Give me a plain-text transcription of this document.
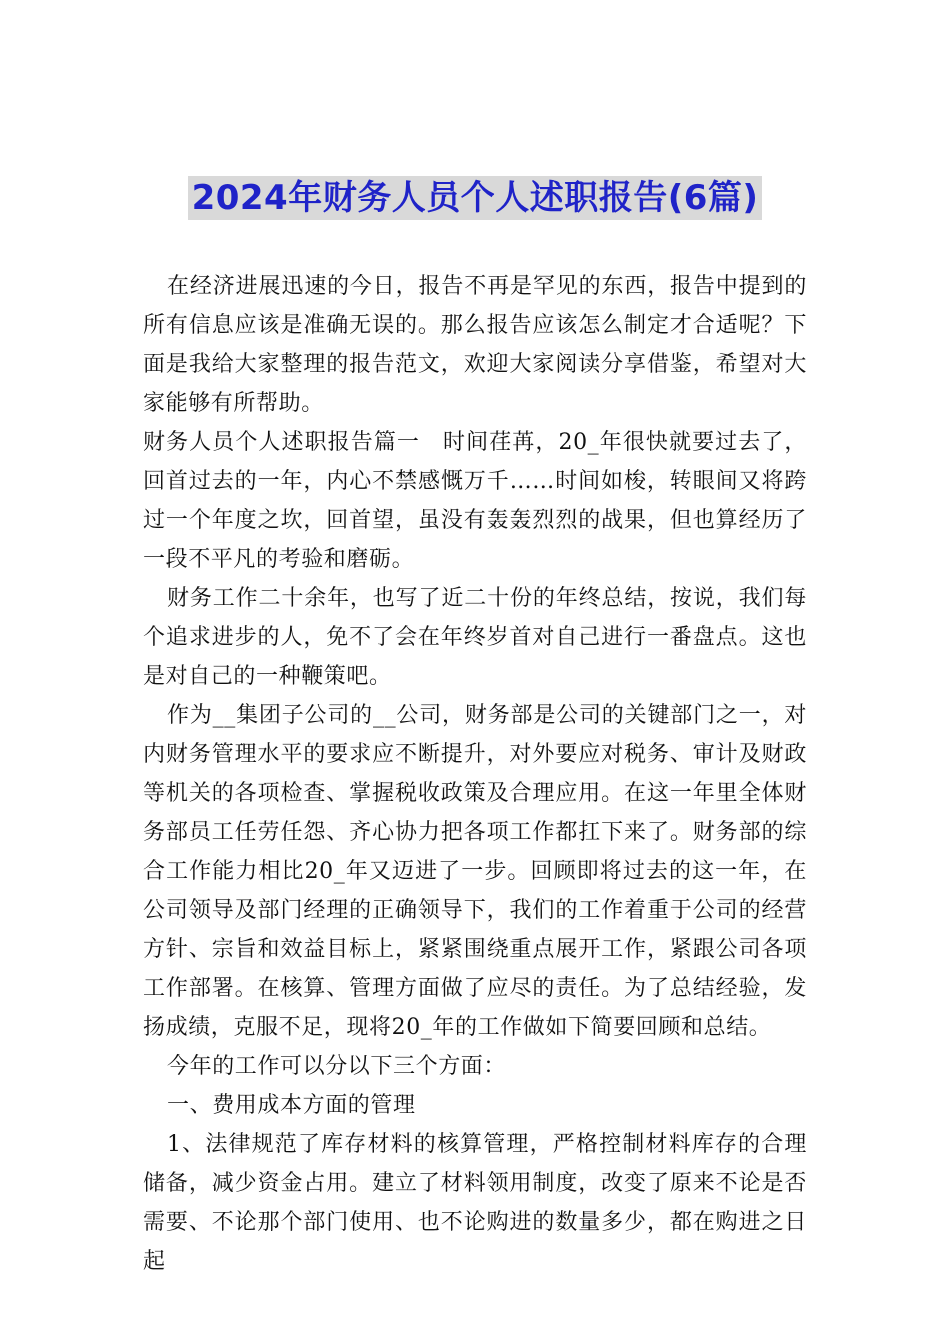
2024年财务人员个人述职报告(6篇)

在经济进展迅速的今日，报告不再是罕见的东西，报告中提到的所有信息应该是准确无误的。那么报告应该怎么制定才合适呢？下面是我给大家整理的报告范文，欢迎大家阅读分享借鉴，希望对大家能够有所帮助。

财务人员个人述职报告篇一　时间荏苒，20_年很快就要过去了，回首过去的一年，内心不禁感慨万千……时间如梭，转眼间又将跨过一个年度之坎，回首望，虽没有轰轰烈烈的战果，但也算经历了一段不平凡的考验和磨砺。

财务工作二十余年，也写了近二十份的年终总结，按说，我们每个追求进步的人，免不了会在年终岁首对自己进行一番盘点。这也是对自己的一种鞭策吧。

作为__集团子公司的__公司，财务部是公司的关键部门之一，对内财务管理水平的要求应不断提升，对外要应对税务、审计及财政等机关的各项检查、掌握税收政策及合理应用。在这一年里全体财务部员工任劳任怨、齐心协力把各项工作都扛下来了。财务部的综合工作能力相比20_年又迈进了一步。回顾即将过去的这一年，在公司领导及部门经理的正确领导下，我们的工作着重于公司的经营方针、宗旨和效益目标上，紧紧围绕重点展开工作，紧跟公司各项工作部署。在核算、管理方面做了应尽的责任。为了总结经验，发扬成绩，克服不足，现将20_年的工作做如下简要回顾和总结。

今年的工作可以分以下三个方面：

一、费用成本方面的管理

1、法律规范了库存材料的核算管理，严格控制材料库存的合理储备，减少资金占用。建立了材料领用制度，改变了原来不论是否需要、不论那个部门使用、也不论购进的数量多少，都在购进之日起
